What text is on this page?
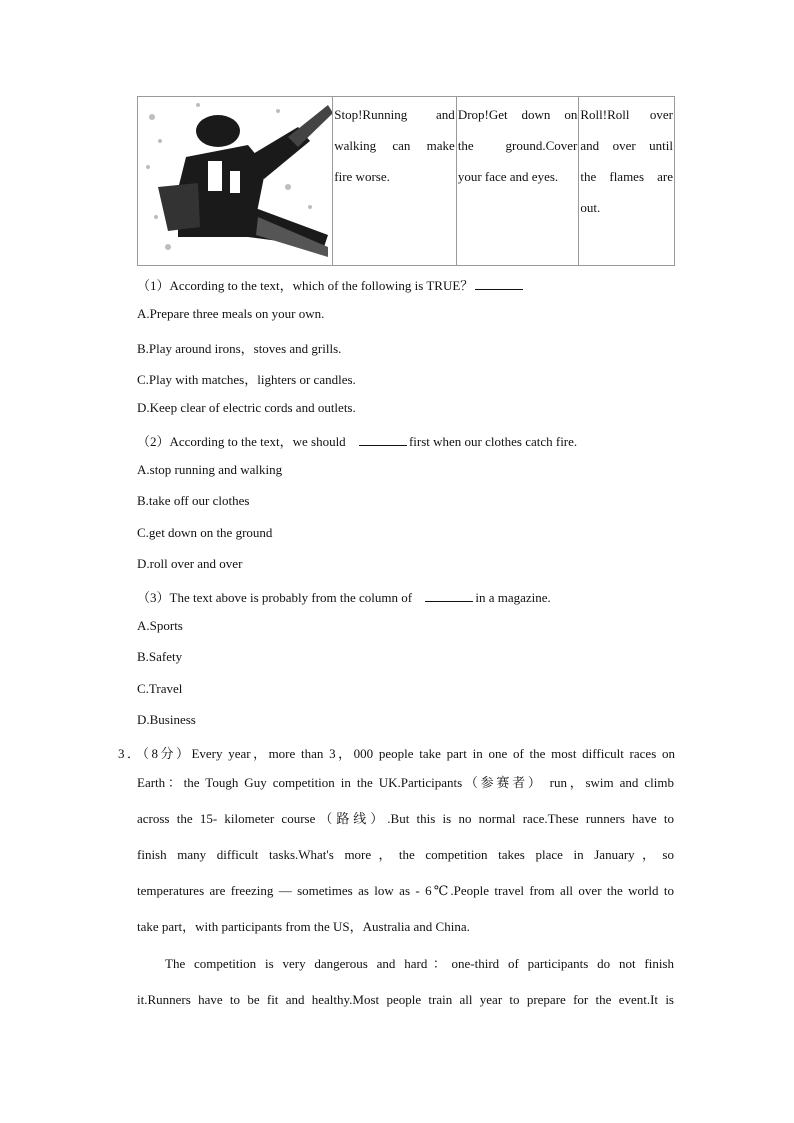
Stop!Running and
walking can make
fire worse.
Drop!Get down on
the ground.Cover
your face and eyes.
Roll!Roll over
and over until
the flames are
out.
（1）According to the text，which of the following is TRUE？
A.Prepare three meals on your own.
B.Play around irons，stoves and grills.
C.Play with matches，lighters or candles.
D.Keep clear of electric cords and outlets.
（2）According to the text，we should	first when our clothes catch fire.
A.stop running and walking
B.take off our clothes
C.get down on the ground
D.roll over and over
（3）The text above is probably from the column of	in a magazine.
A.Sports
B.Safety
C.Travel
D.Business
3．（8分）Every year，more than 3，000 people take part in one of the most difficult races on
Earth：the Tough Guy competition in the UK.Participants（参赛者） run，swim and climb
across the 15- kilometer course（路线）.But this is no normal race.These runners have to
finish many difficult tasks.What's more，the competition takes place in January，so
temperatures are freezing — sometimes as low as - 6℃.People travel from all over the world to
take part，with participants from the US，Australia and China.
The competition is very dangerous and hard：one-third of participants do not finish
it.Runners have to be fit and healthy.Most people train all year to prepare for the event.It is
